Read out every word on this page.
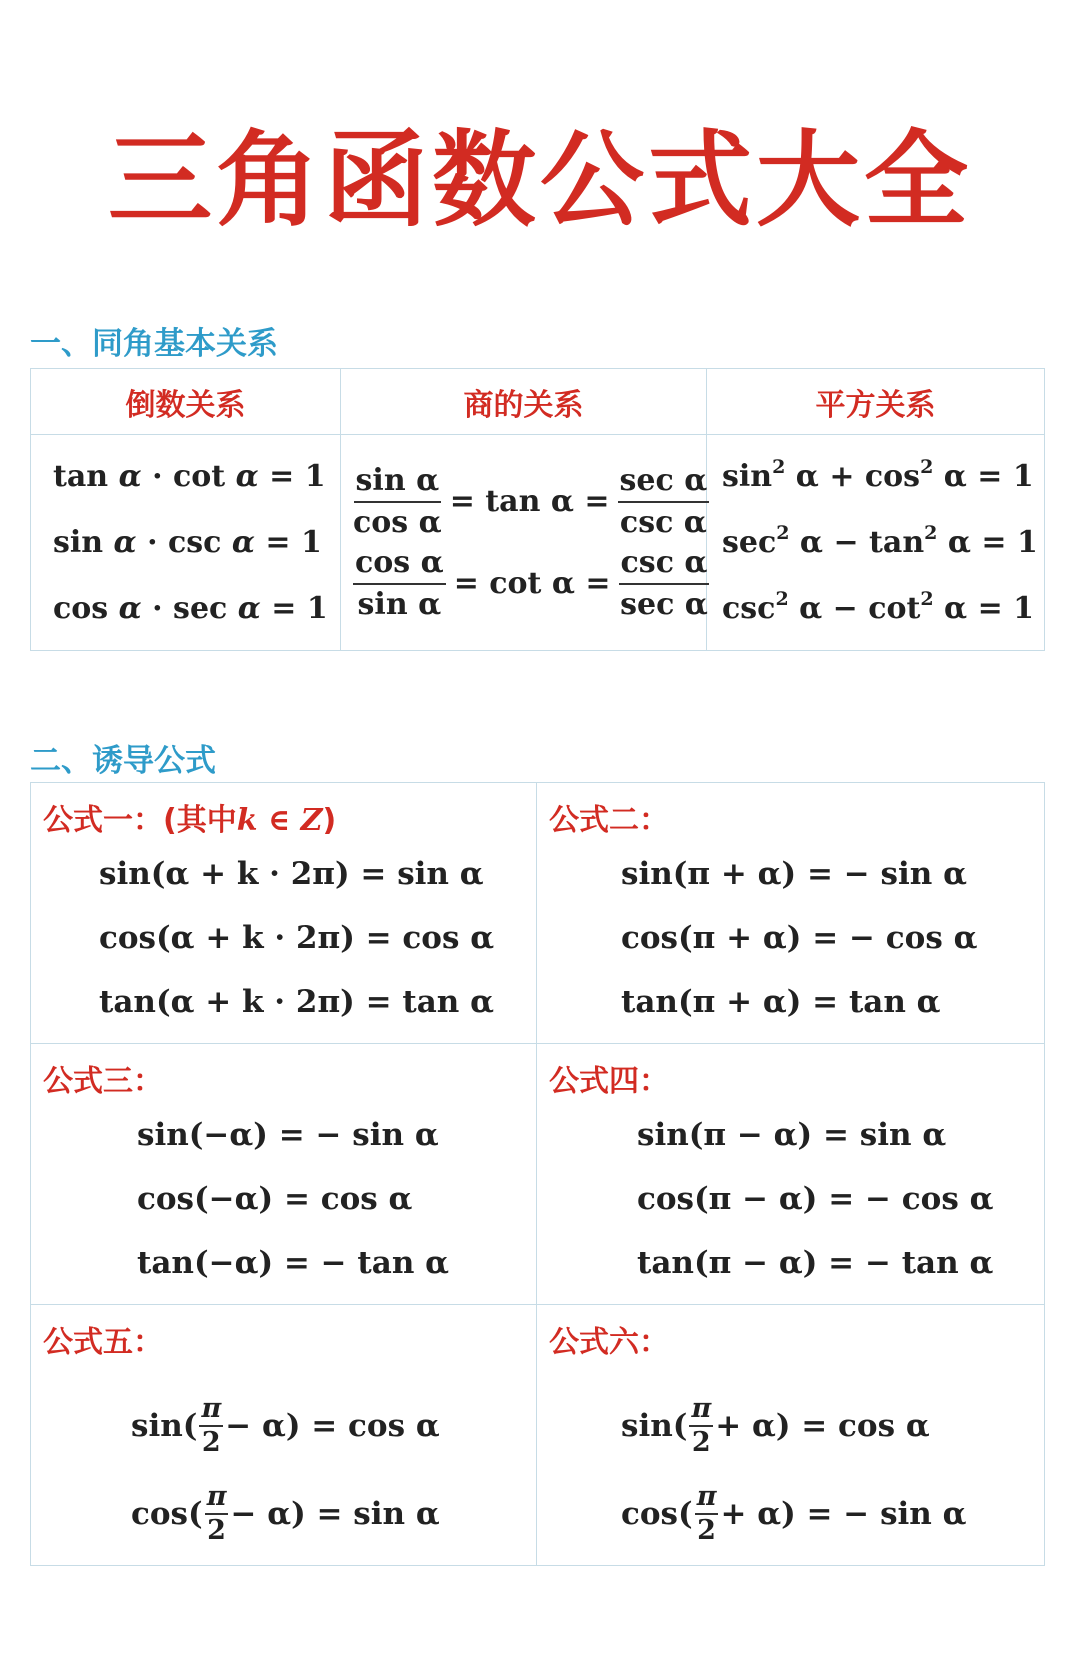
三角函数公式大全
一、同角基本关系
倒数关系	商的关系	平方关系
tan α · cot α = 1
sin α · csc α = 1
cos α · sec α = 1
$\frac{\text{sin α}}{\text{cos α}} = \tan \alpha = \frac{\text{sec α}}{\text{csc α}}$
$\frac{\text{cos α}}{\text{sin α}} = \cot \alpha = \frac{\text{csc α}}{\text{sec α}}$
$\sin^2 \alpha + \cos^2 \alpha = 1$
$\sec^2 \alpha - \tan^2 \alpha = 1$
$\csc^2 \alpha - \cot^2 \alpha = 1$
二、诱导公式
公式一：(其中k ∈ Z)
sin(α + k · 2π) = sin α
cos(α + k · 2π) = cos α
tan(α + k · 2π) = tan α
公式二：
sin(π + α) = − sin α
cos(π + α) = − cos α
tan(π + α) = tan α
公式三：
sin(−α) = − sin α
cos(−α) = cos α
tan(−α) = − tan α
公式四：
sin(π − α) = sin α
cos(π − α) = − cos α
tan(π − α) = − tan α
公式五：
$\sin( \frac{\pi}{2} - \alpha) = \cos \alpha$
$\cos( \frac{\pi}{2} - \alpha) = \sin \alpha$
公式六：
$\sin( \frac{\pi}{2} + \alpha) = \cos \alpha$
$\cos( \frac{\pi}{2} + \alpha)$ = − sin α
